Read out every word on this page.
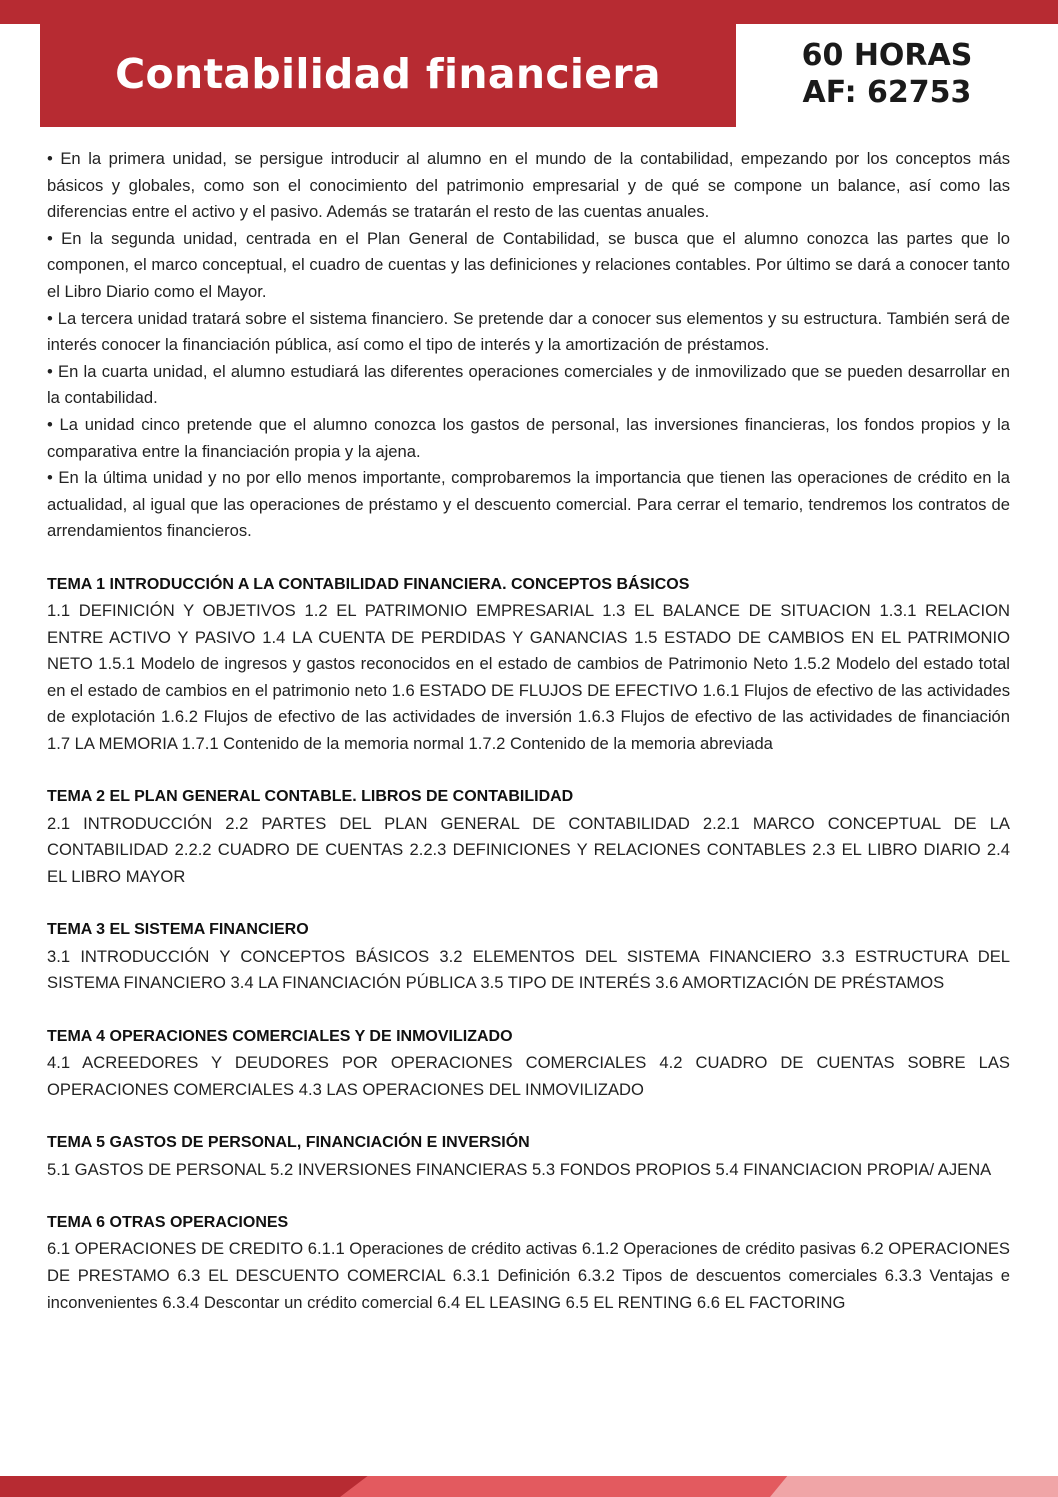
Contabilidad financiera	60 HORAS
AF: 62753

• En la primera unidad, se persigue introducir al alumno en el mundo de la contabilidad, empezando por los conceptos más básicos y globales, como son el conocimiento del patrimonio empresarial y de qué se compone un balance, así como las diferencias entre el activo y el pasivo. Además se tratarán el resto de las cuentas anuales.

• En la segunda unidad, centrada en el Plan General de Contabilidad, se busca que el alumno conozca las partes que lo componen, el marco conceptual, el cuadro de cuentas y las definiciones y relaciones contables. Por último se dará a conocer tanto el Libro Diario como el Mayor.

• La tercera unidad tratará sobre el sistema financiero. Se pretende dar a conocer sus elementos y su estructura. También será de interés conocer la financiación pública, así como el tipo de interés y la amortización de préstamos.

• En la cuarta unidad, el alumno estudiará las diferentes operaciones comerciales y de inmovilizado que se pueden desarrollar en la contabilidad.

• La unidad cinco pretende que el alumno conozca los gastos de personal, las inversiones financieras, los fondos propios y la comparativa entre la financiación propia y la ajena.

• En la última unidad y no por ello menos importante, comprobaremos la importancia que tienen las operaciones de crédito en la actualidad, al igual que las operaciones de préstamo y el descuento comercial. Para cerrar el temario, tendremos los contratos de arrendamientos financieros.

TEMA 1 INTRODUCCIÓN A LA CONTABILIDAD FINANCIERA. CONCEPTOS BÁSICOS

1.1 DEFINICIÓN Y OBJETIVOS 1.2 EL PATRIMONIO EMPRESARIAL 1.3 EL BALANCE DE SITUACION 1.3.1 RELACION ENTRE ACTIVO Y PASIVO 1.4 LA CUENTA DE PERDIDAS Y GANANCIAS 1.5 ESTADO DE CAMBIOS EN EL PATRIMONIO NETO 1.5.1 Modelo de ingresos y gastos reconocidos en el estado de cambios de Patrimonio Neto 1.5.2 Modelo del estado total en el estado de cambios en el patrimonio neto 1.6 ESTADO DE FLUJOS DE EFECTIVO 1.6.1 Flujos de efectivo de las actividades de explotación 1.6.2 Flujos de efectivo de las actividades de inversión 1.6.3 Flujos de efectivo de las actividades de financiación 1.7 LA MEMORIA 1.7.1 Contenido de la memoria normal 1.7.2 Contenido de la memoria abreviada

TEMA 2 EL PLAN GENERAL CONTABLE. LIBROS DE CONTABILIDAD

2.1 INTRODUCCIÓN 2.2 PARTES DEL PLAN GENERAL DE CONTABILIDAD 2.2.1 MARCO CONCEPTUAL DE LA CONTABILIDAD 2.2.2 CUADRO DE CUENTAS 2.2.3 DEFINICIONES Y RELACIONES CONTABLES 2.3 EL LIBRO DIARIO 2.4 EL LIBRO MAYOR

TEMA 3 EL SISTEMA FINANCIERO

3.1 INTRODUCCIÓN Y CONCEPTOS BÁSICOS 3.2 ELEMENTOS DEL SISTEMA FINANCIERO 3.3 ESTRUCTURA DEL SISTEMA FINANCIERO 3.4 LA FINANCIACIÓN PÚBLICA 3.5 TIPO DE INTERÉS 3.6 AMORTIZACIÓN DE PRÉSTAMOS

TEMA 4 OPERACIONES COMERCIALES Y DE INMOVILIZADO

4.1 ACREEDORES Y DEUDORES POR OPERACIONES COMERCIALES 4.2 CUADRO DE CUENTAS SOBRE LAS OPERACIONES COMERCIALES 4.3 LAS OPERACIONES DEL INMOVILIZADO

TEMA 5 GASTOS DE PERSONAL, FINANCIACIÓN E INVERSIÓN

5.1 GASTOS DE PERSONAL 5.2 INVERSIONES FINANCIERAS 5.3 FONDOS PROPIOS 5.4 FINANCIACION PROPIA/ AJENA

TEMA 6 OTRAS OPERACIONES

6.1 OPERACIONES DE CREDITO 6.1.1 Operaciones de crédito activas 6.1.2 Operaciones de crédito pasivas 6.2 OPERACIONES DE PRESTAMO 6.3 EL DESCUENTO COMERCIAL 6.3.1 Definición 6.3.2 Tipos de descuentos comerciales 6.3.3 Ventajas e inconvenientes 6.3.4 Descontar un crédito comercial 6.4 EL LEASING 6.5 EL RENTING 6.6 EL FACTORING
